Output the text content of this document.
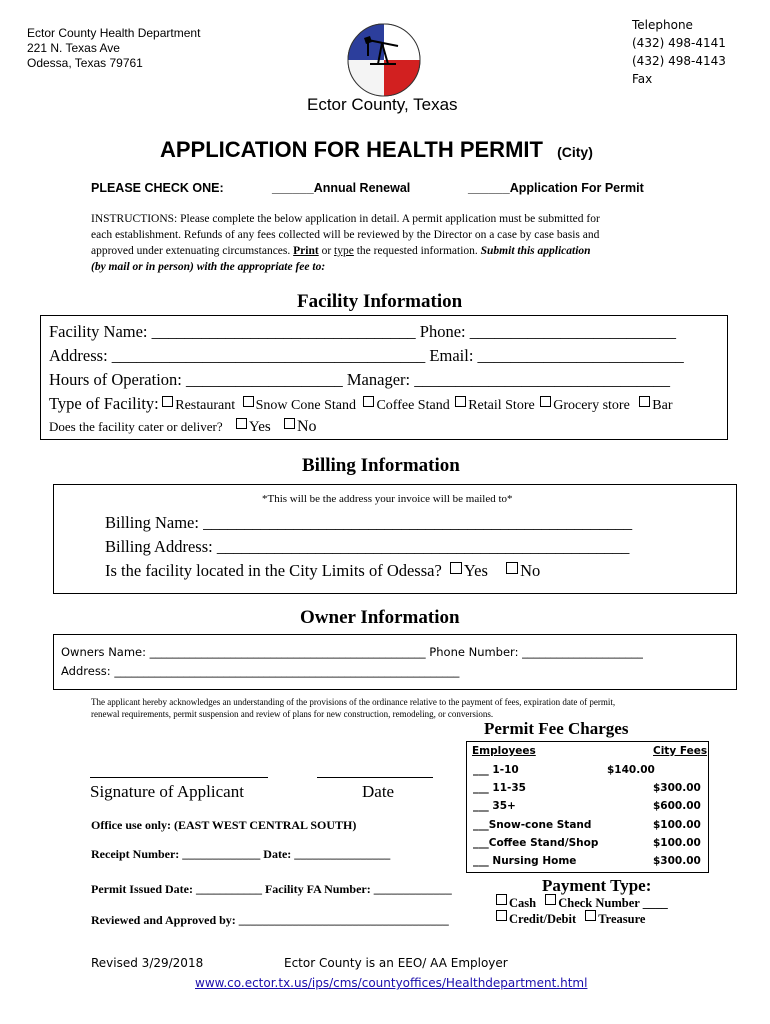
Ector County Health Department
221 N. Texas Ave
Odessa, Texas 79761
Telephone
(432) 498-4141
(432) 498-4143
Fax
Ector County, Texas
APPLICATION FOR HEALTH PERMIT (City)
PLEASE CHECK ONE:	______Annual Renewal	______Application For Permit
INSTRUCTIONS: Please complete the below application in detail. A permit application must be submitted for
each establishment. Refunds of any fees collected will be reviewed by the Director on a case by case basis and
approved under extenuating circumstances. Print or type the requested information. Submit this application
(by mail or in person) with the appropriate fee to:
Facility Information
Facility Name: ________________________________ Phone: _________________________
Address: ______________________________________ Email: _________________________
Hours of Operation: ___________________ Manager: _______________________________
Type of Facility: Restaurant Snow Cone Stand Coffee Stand Retail Store Grocery store Bar
Does the facility cater or deliver? Yes No
Billing Information
*This will be the address your invoice will be mailed to*
Billing Name: ____________________________________________________
Billing Address: __________________________________________________
Is the facility located in the City Limits of Odessa? Yes No
Owner Information
Owners Name: ________________________________________________ Phone Number: _____________________
Address: ____________________________________________________________
The applicant hereby acknowledges an understanding of the provisions of the ordinance relative to the payment of fees, expiration date of permit,
renewal requirements, permit suspension and review of plans for new construction, remodeling, or conversions.
Signature of Applicant	Date
Office use only: (EAST WEST CENTRAL SOUTH)
Receipt Number: _____________ Date: ________________
Permit Issued Date: ___________ Facility FA Number: _____________
Reviewed and Approved by: ___________________________________
Permit Fee Charges
Employees	City Fees
___ 1-10	$140.00
___ 11-35	$300.00
___ 35+	$600.00
___Snow-cone Stand	$100.00
___Coffee Stand/Shop	$100.00
___ Nursing Home	$300.00
Payment Type:
Cash Check Number ____
Credit/Debit Treasure
Revised 3/29/2018	Ector County is an EEO/ AA Employer
www.co.ector.tx.us/ips/cms/countyoffices/Healthdepartment.html
